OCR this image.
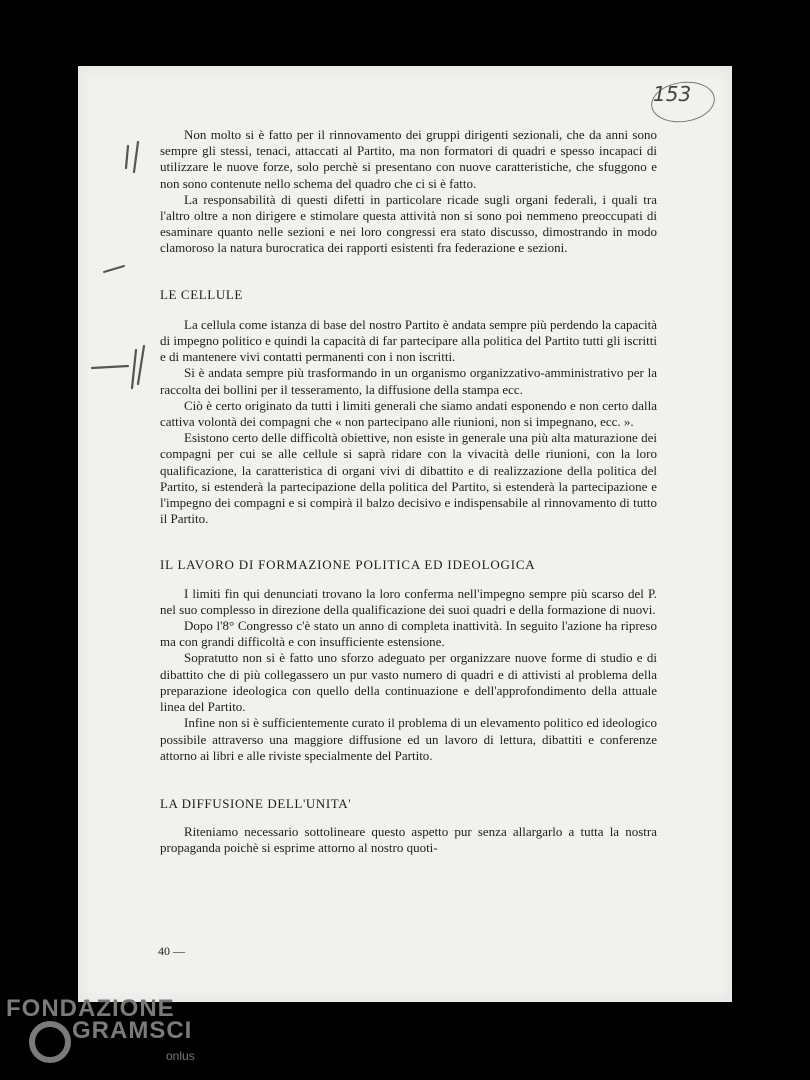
153

Non molto si è fatto per il rinnovamento dei gruppi dirigenti sezionali, che da anni sono sempre gli stessi, tenaci, attaccati al Partito, ma non formatori di quadri e spesso incapaci di utilizzare le nuove forze, solo perchè si presentano con nuove caratteristiche, che sfuggono e non sono contenute nello schema del quadro che ci si è fatto.

La responsabilità di questi difetti in particolare ricade sugli organi federali, i quali tra l'altro oltre a non dirigere e stimolare questa attività non si sono poi nemmeno preoccupati di esaminare quanto nelle sezioni e nei loro congressi era stato discusso, dimostrando in modo clamoroso la natura burocratica dei rapporti esistenti fra federazione e sezioni.

LE CELLULE

La cellula come istanza di base del nostro Partito è andata sempre più perdendo la capacità di impegno politico e quindi la capacità di far partecipare alla politica del Partito tutti gli iscritti e di mantenere vivi contatti permanenti con i non iscritti.

Si è andata sempre più trasformando in un organismo organizzativo-amministrativo per la raccolta dei bollini per il tesseramento, la diffusione della stampa ecc.

Ciò è certo originato da tutti i limiti generali che siamo andati esponendo e non certo dalla cattiva volontà dei compagni che « non partecipano alle riunioni, non si impegnano, ecc. ».

Esistono certo delle difficoltà obiettive, non esiste in generale una più alta maturazione dei compagni per cui se alle cellule si saprà ridare con la vivacità delle riunioni, con la loro qualificazione, la caratteristica di organi vivi di dibattito e di realizzazione della politica del Partito, si estenderà la partecipazione della politica del Partito, si estenderà la partecipazione e l'impegno dei compagni e si compirà il balzo decisivo e indispensabile al rinnovamento di tutto il Partito.

IL LAVORO DI FORMAZIONE POLITICA ED IDEOLOGICA

I limiti fin qui denunciati trovano la loro conferma nell'impegno sempre più scarso del P. nel suo complesso in direzione della qualificazione dei suoi quadri e della formazione di nuovi.

Dopo l'8° Congresso c'è stato un anno di completa inattività. In seguito l'azione ha ripreso ma con grandi difficoltà e con insufficiente estensione.

Sopratutto non si è fatto uno sforzo adeguato per organizzare nuove forme di studio e di dibattito che di più collegassero un pur vasto numero di quadri e di attivisti al problema della preparazione ideologica con quello della continuazione e dell'approfondimento della attuale linea del Partito.

Infine non si è sufficientemente curato il problema di un elevamento politico ed ideologico possibile attraverso una maggiore diffusione ed un lavoro di lettura, dibattiti e conferenze attorno ai libri e alle riviste specialmente del Partito.

LA DIFFUSIONE DELL'UNITA'

Riteniamo necessario sottolineare questo aspetto pur senza allargarlo a tutta la nostra propaganda poichè si esprime attorno al nostro quoti-

40 —
FONDAZIONE
GRAMSCI
onlus
